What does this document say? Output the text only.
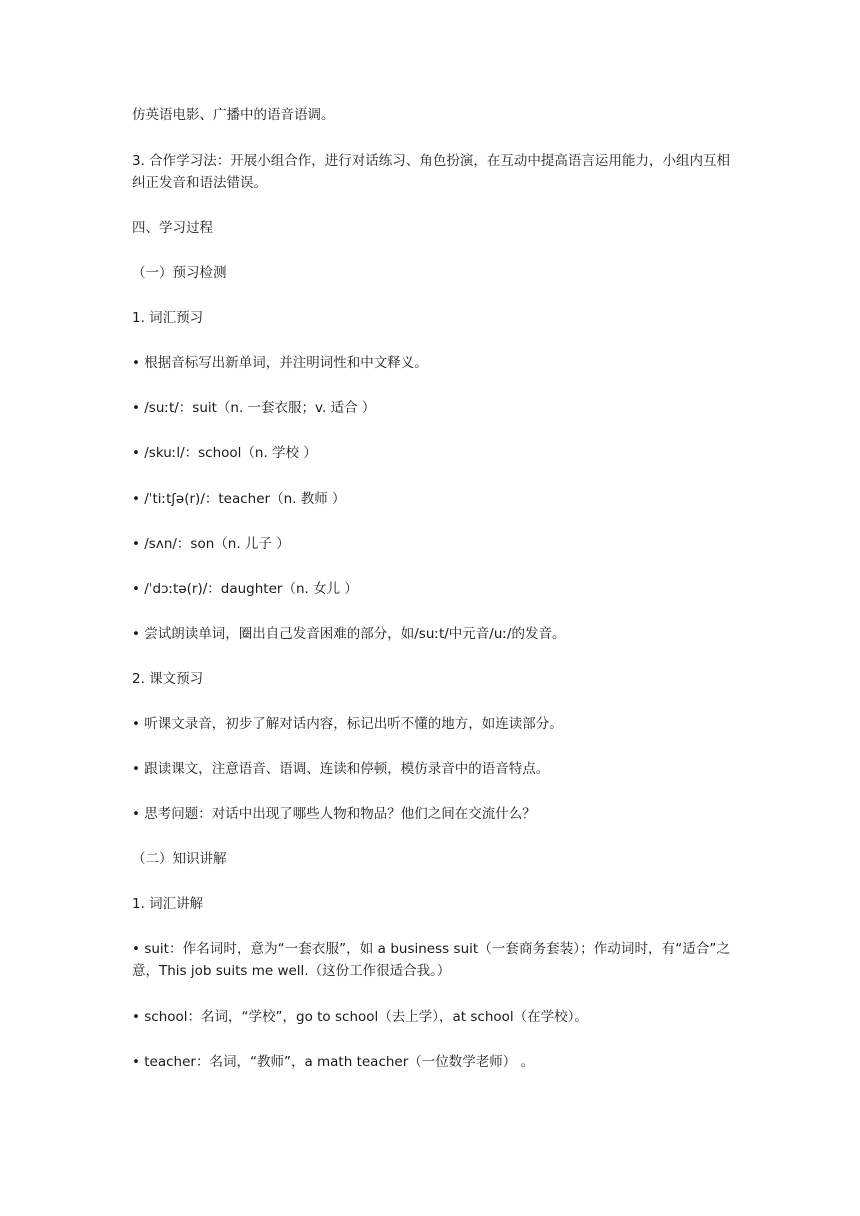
仿英语电影、广播中的语音语调。

3. 合作学习法：开展小组合作，进行对话练习、角色扮演，在互动中提高语言运用能力，小组内互相纠正发音和语法错误。

四、学习过程

（一）预习检测

1. 词汇预习

• 根据音标写出新单词，并注明词性和中文释义。

• /suːt/：suit（n. 一套衣服；v. 适合 ）

• /skuːl/：school（n. 学校 ）

• /ˈtiːtʃə(r)/：teacher（n. 教师 ）

• /sʌn/：son（n. 儿子 ）

• /ˈdɔːtə(r)/：daughter（n. 女儿 ）

• 尝试朗读单词，圈出自己发音困难的部分，如/suːt/中元音/uː/的发音。

2. 课文预习

• 听课文录音，初步了解对话内容，标记出听不懂的地方，如连读部分。

• 跟读课文，注意语音、语调、连读和停顿，模仿录音中的语音特点。

• 思考问题：对话中出现了哪些人物和物品？他们之间在交流什么？

（二）知识讲解

1. 词汇讲解

• suit：作名词时，意为“一套衣服”，如 a business suit（一套商务套装）；作动词时，有“适合”之意，This job suits me well.（这份工作很适合我。）

• school：名词，“学校”，go to school（去上学），at school（在学校）。

• teacher：名词，“教师”，a math teacher（一位数学老师） 。
